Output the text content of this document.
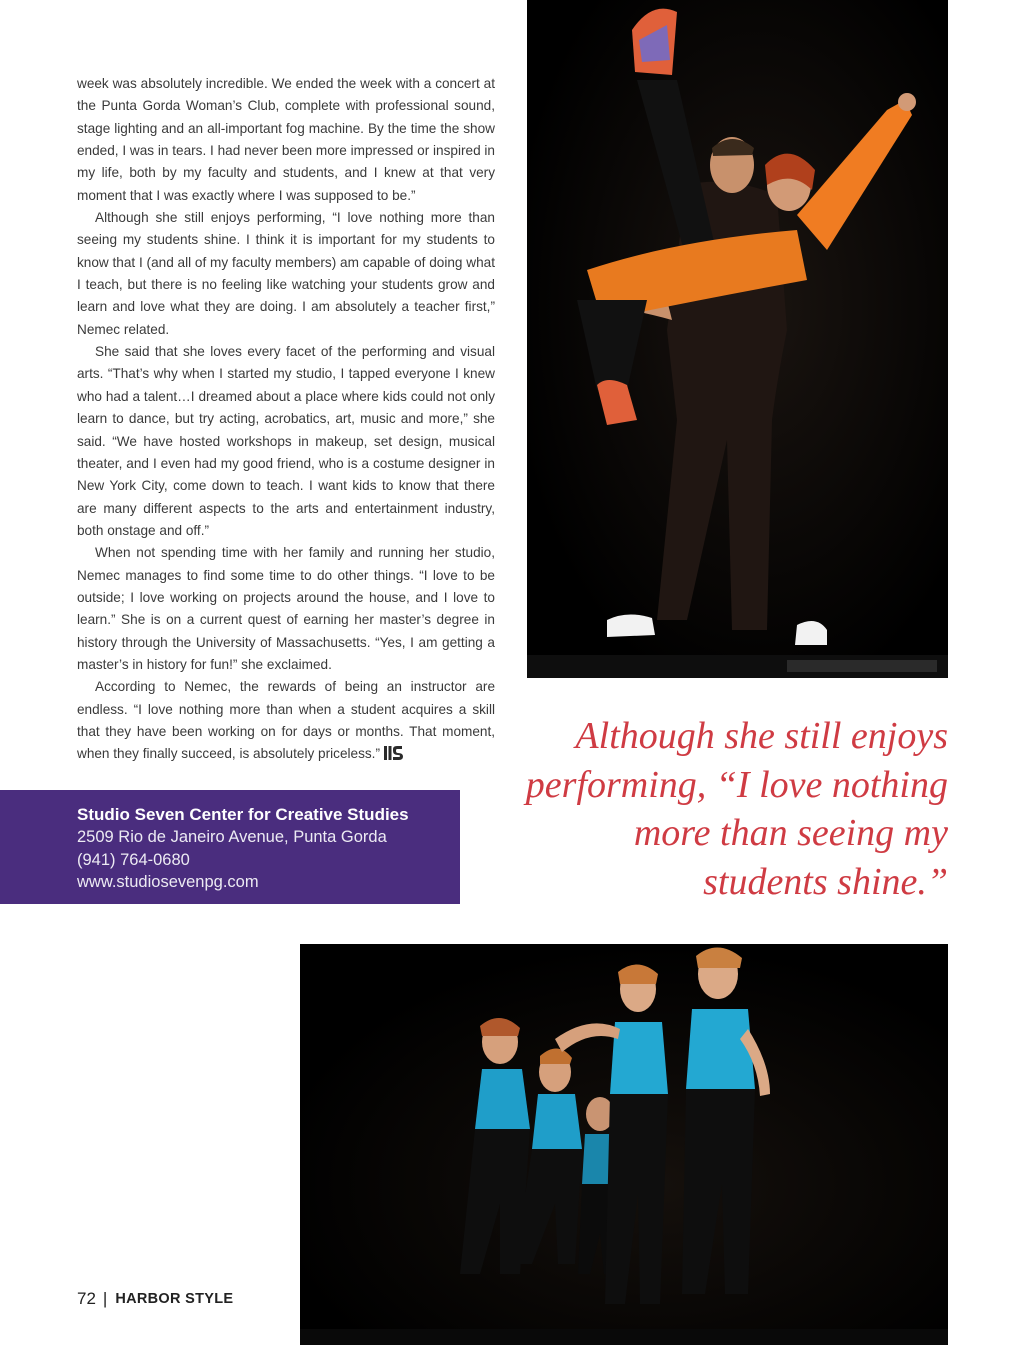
week was absolutely incredible. We ended the week with a concert at the Punta Gorda Woman’s Club, complete with professional sound, stage lighting and an all-important fog machine. By the time the show ended, I was in tears. I had never been more impressed or inspired in my life, both by my faculty and students, and I knew at that very moment that I was exactly where I was supposed to be.”

Although she still enjoys performing, “I love nothing more than seeing my students shine. I think it is important for my students to know that I (and all of my faculty members) am capable of doing what I teach, but there is no feeling like watching your students grow and learn and love what they are doing. I am absolutely a teacher first,” Nemec related.

She said that she loves every facet of the performing and visual arts. “That’s why when I started my studio, I tapped everyone I knew who had a talent…I dreamed about a place where kids could not only learn to dance, but try acting, acrobatics, art, music and more,” she said. “We have hosted workshops in makeup, set design, musical theater, and I even had my good friend, who is a costume designer in New York City, come down to teach. I want kids to know that there are many different aspects to the arts and entertainment industry, both onstage and off.”

When not spending time with her family and running her studio, Nemec manages to find some time to do other things. “I love to be outside; I love working on projects around the house, and I love to learn.” She is on a current quest of earning her master’s degree in history through the University of Massachusetts. “Yes, I am getting a master’s in history for fun!” she exclaimed.

According to Nemec, the rewards of being an instructor are endless. “I love nothing more than when a student acquires a skill that they have been working on for days or months. That moment, when they finally succeed, is absolutely priceless.”	Although she still enjoys
performing, “I love nothing
more than seeing my
students shine.”
Studio Seven Center for Creative Studies
2509 Rio de Janeiro Avenue, Punta Gorda
(941) 764-0680
www.studiosevenpg.com
72 | HARBOR STYLE
